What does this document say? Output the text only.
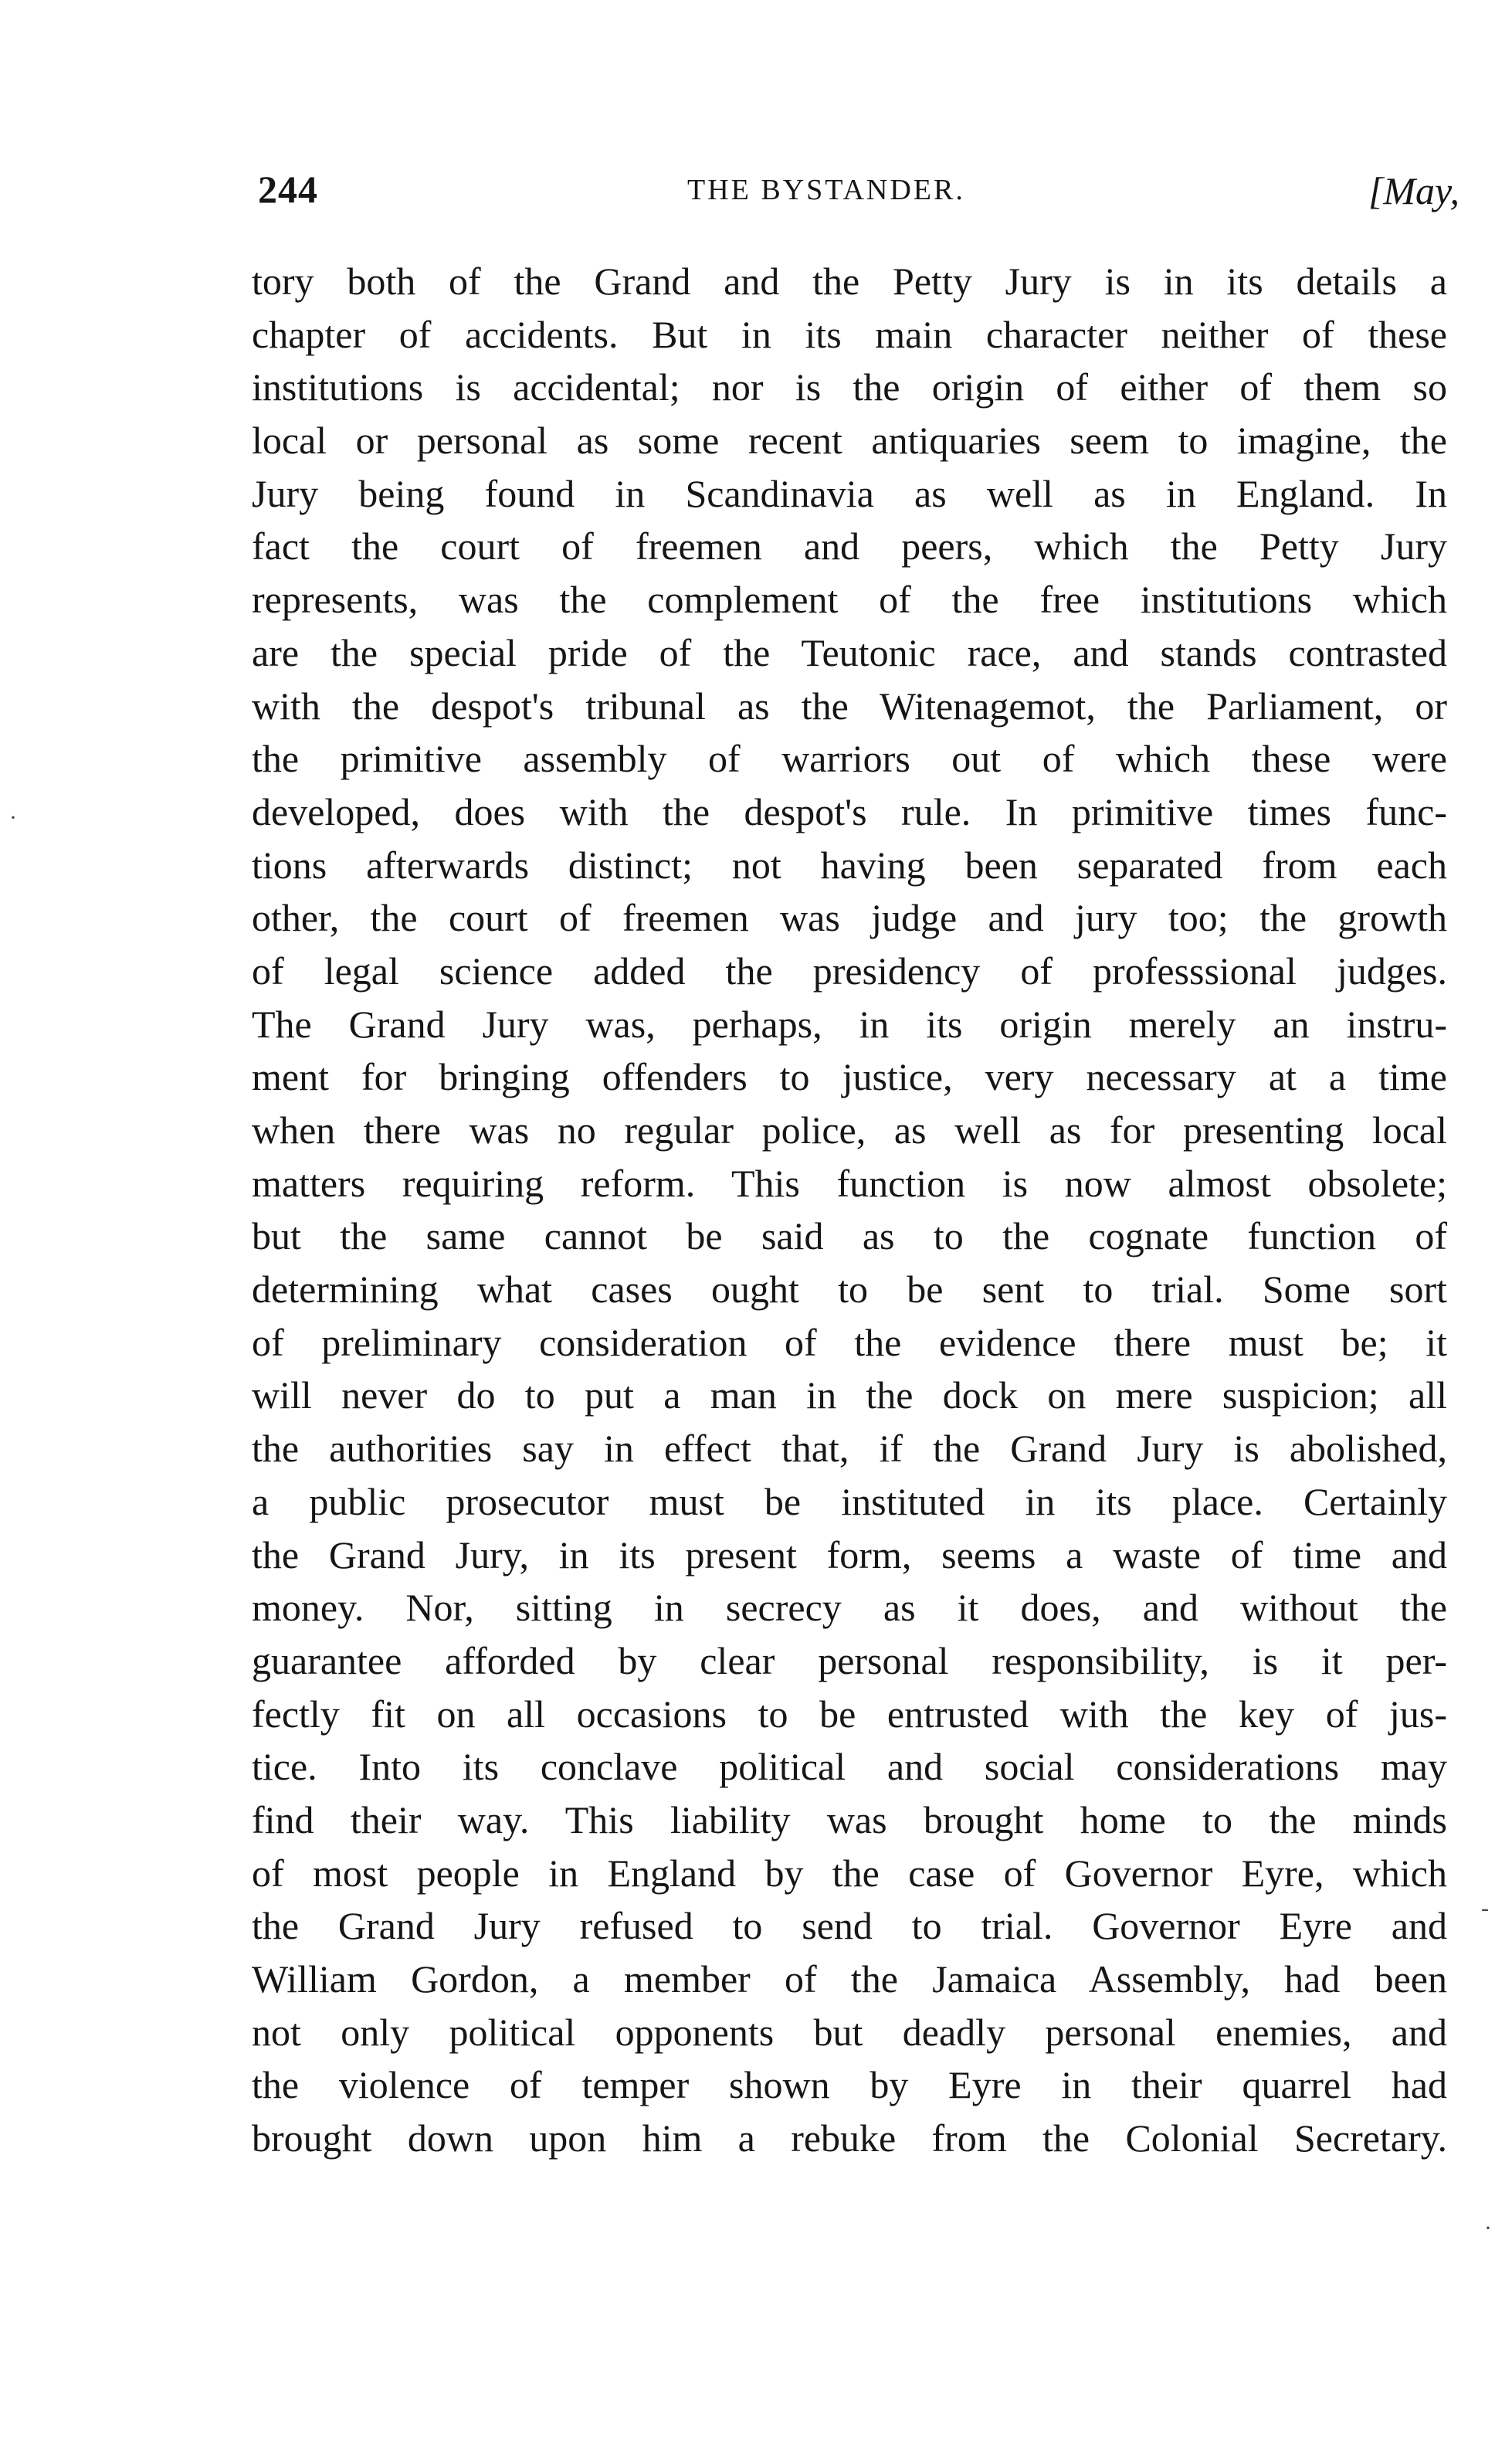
244	THE BYSTANDER.	[May,
tory both of the Grand and the Petty Jury is in its details a
chapter of accidents. But in its main character neither of these
institutions is accidental; nor is the origin of either of them so
local or personal as some recent antiquaries seem to imagine, the
Jury being found in Scandinavia as well as in England. In
fact the court of freemen and peers, which the Petty Jury
represents, was the complement of the free institutions which
are the special pride of the Teutonic race, and stands contrasted
with the despot's tribunal as the Witenagemot, the Parliament, or
the primitive assembly of warriors out of which these were
developed, does with the despot's rule. In primitive times func-
tions afterwards distinct; not having been separated from each
other, the court of freemen was judge and jury too; the growth
of legal science added the presidency of professsional judges.
The Grand Jury was, perhaps, in its origin merely an instru-
ment for bringing offenders to justice, very necessary at a time
when there was no regular police, as well as for presenting local
matters requiring reform. This function is now almost obsolete;
but the same cannot be said as to the cognate function of
determining what cases ought to be sent to trial. Some sort
of preliminary consideration of the evidence there must be; it
will never do to put a man in the dock on mere suspicion; all
the authorities say in effect that, if the Grand Jury is abolished,
a public prosecutor must be instituted in its place. Certainly
the Grand Jury, in its present form, seems a waste of time and
money. Nor, sitting in secrecy as it does, and without the
guarantee afforded by clear personal responsibility, is it per-
fectly fit on all occasions to be entrusted with the key of jus-
tice. Into its conclave political and social considerations may
find their way. This liability was brought home to the minds
of most people in England by the case of Governor Eyre, which
the Grand Jury refused to send to trial. Governor Eyre and
William Gordon, a member of the Jamaica Assembly, had been
not only political opponents but deadly personal enemies, and
the violence of temper shown by Eyre in their quarrel had
brought down upon him a rebuke from the Colonial Secretary.
·
-
·
